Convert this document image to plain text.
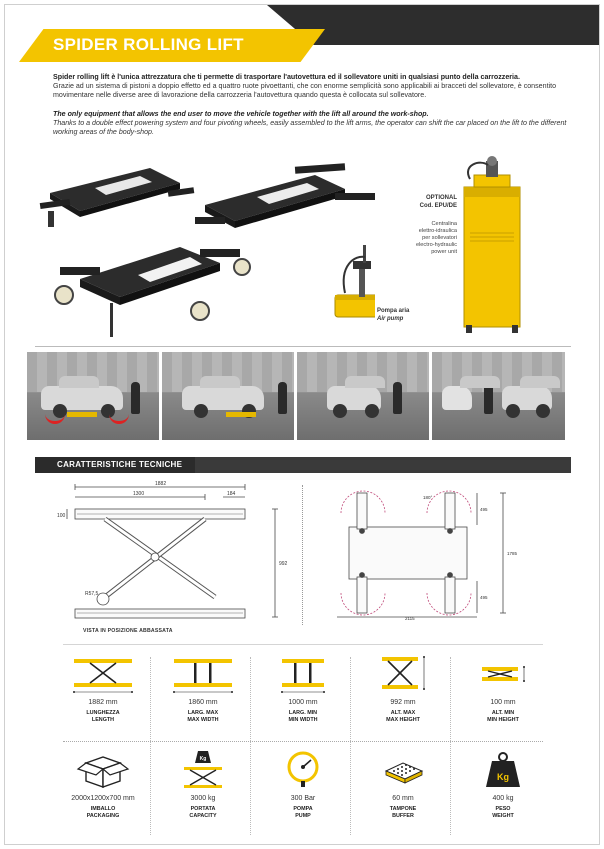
SPIDER ROLLING LIFT

Spider rolling lift è l'unica attrezzatura che ti permette di trasportare l'autovettura ed il sollevatore uniti in qualsiasi punto della carrozzeria.

Grazie ad un sistema di pistoni a doppio effetto ed a quattro ruote pivoettanti, che con enorme semplicità sono applicabili ai bracceti del sollevatore, è consentito movimentare nelle diverse aree di lavorazione della carrozzeria l'autovettura quando questa è collocata sul sollevatore.

The only equipment that allows the end user to move the vehicle together with the lift all around the work-shop.

Thanks to a double effect powering system and four pivoting wheels, easily assembled to the lift arms, the operator can shift the car placed on the lift to the different working areas of the body-shop.

OPTIONAL
Cod. EPU/DE
Centralina
elettro-idraulica
per sollevatori
electro-hydraulic
power unit
Pompa aria
Air pump
CARATTERISTICHE TECNICHE
1882
1300	184
100
992
R57,5
VISTA IN POSIZIONE ABBASSATA
2115
1785
180°
495
495
1882 mm
LUNGHEZZA
LENGTH
1860 mm
LARG. MAX
MAX WIDTH
1000 mm
LARG. MIN
MIN WIDTH
992 mm
ALT. MAX
MAX HEIGHT
100 mm
ALT. MIN
MIN HEIGHT
2000x1200x700 mm
IMBALLO
PACKAGING
Kg
3000 kg
PORTATA
CAPACITY
300 Bar
POMPA
PUMP
60 mm
TAMPONE
BUFFER
Kg
400 kg
PESO
WEIGHT
